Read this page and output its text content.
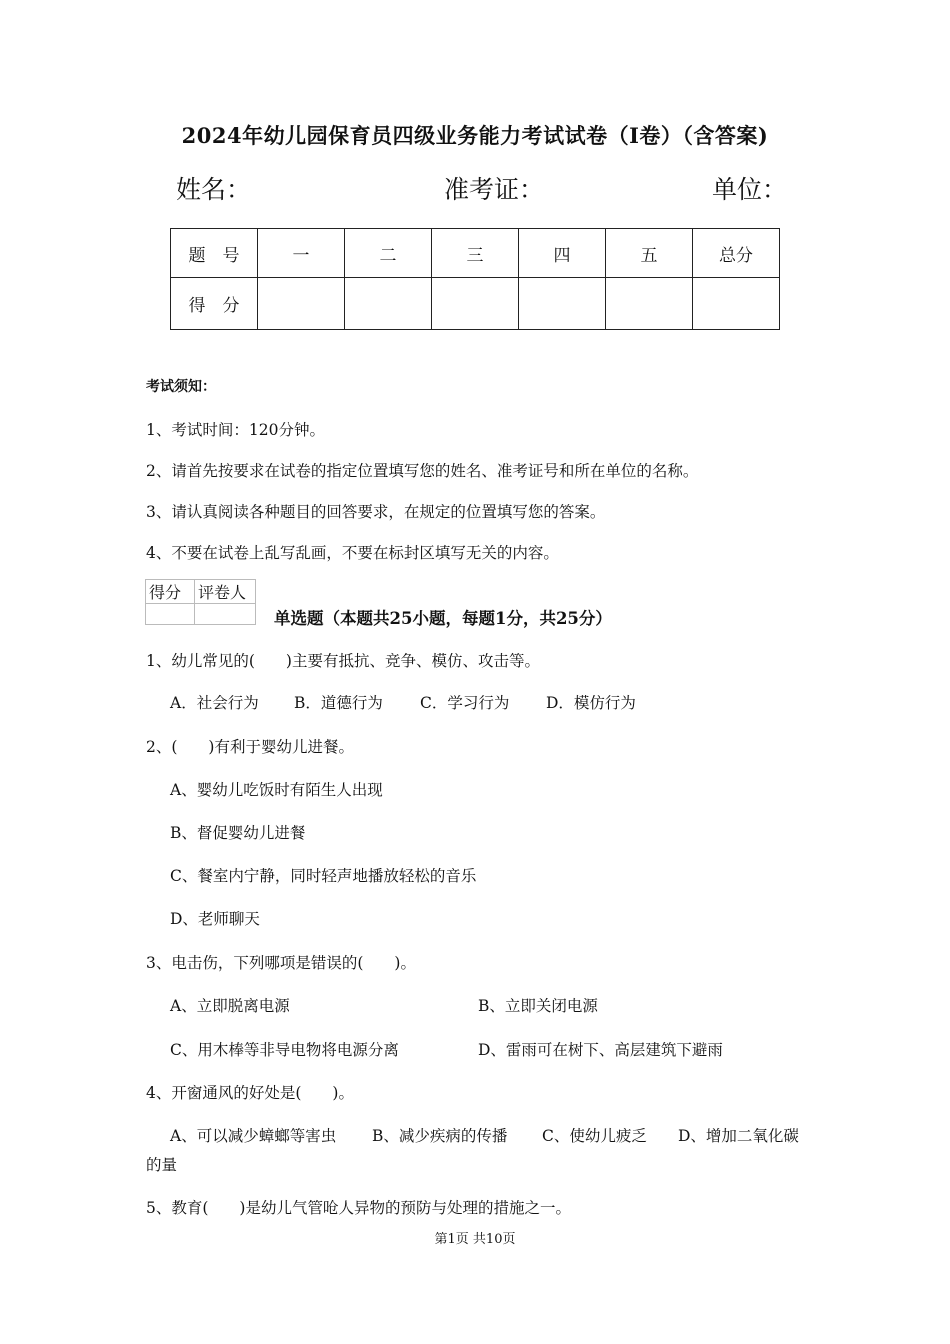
2024年幼儿园保育员四级业务能力考试试卷（I卷）（含答案)
姓名：	准考证：	单位：
题　号	一	二	三	四	五	总分
得　分						
考试须知：
1、考试时间：120分钟。
2、请首先按要求在试卷的指定位置填写您的姓名、准考证号和所在单位的名称。
3、请认真阅读各种题目的回答要求，在规定的位置填写您的答案。
4、不要在试卷上乱写乱画，不要在标封区填写无关的内容。
得分	评卷人

单选题（本题共25小题，每题1分，共25分）
1、幼儿常见的(　　)主要有抵抗、竞争、模仿、攻击等。
A．社会行为 B．道德行为 C．学习行为 D．模仿行为
2、(　　)有利于婴幼儿进餐。
A、婴幼儿吃饭时有陌生人出现
B、督促婴幼儿进餐
C、餐室内宁静，同时轻声地播放轻松的音乐
D、老师聊天
3、电击伤，下列哪项是错误的(　　)。
A、立即脱离电源	B、立即关闭电源
C、用木棒等非导电物将电源分离	D、雷雨可在树下、高层建筑下避雨
4、开窗通风的好处是(　　)。
A、可以减少蟑螂等害虫 B、减少疾病的传播 C、使幼儿疲乏 D、增加二氧化碳
的量
5、教育(　　)是幼儿气管呛人异物的预防与处理的措施之一。
第1页 共10页
